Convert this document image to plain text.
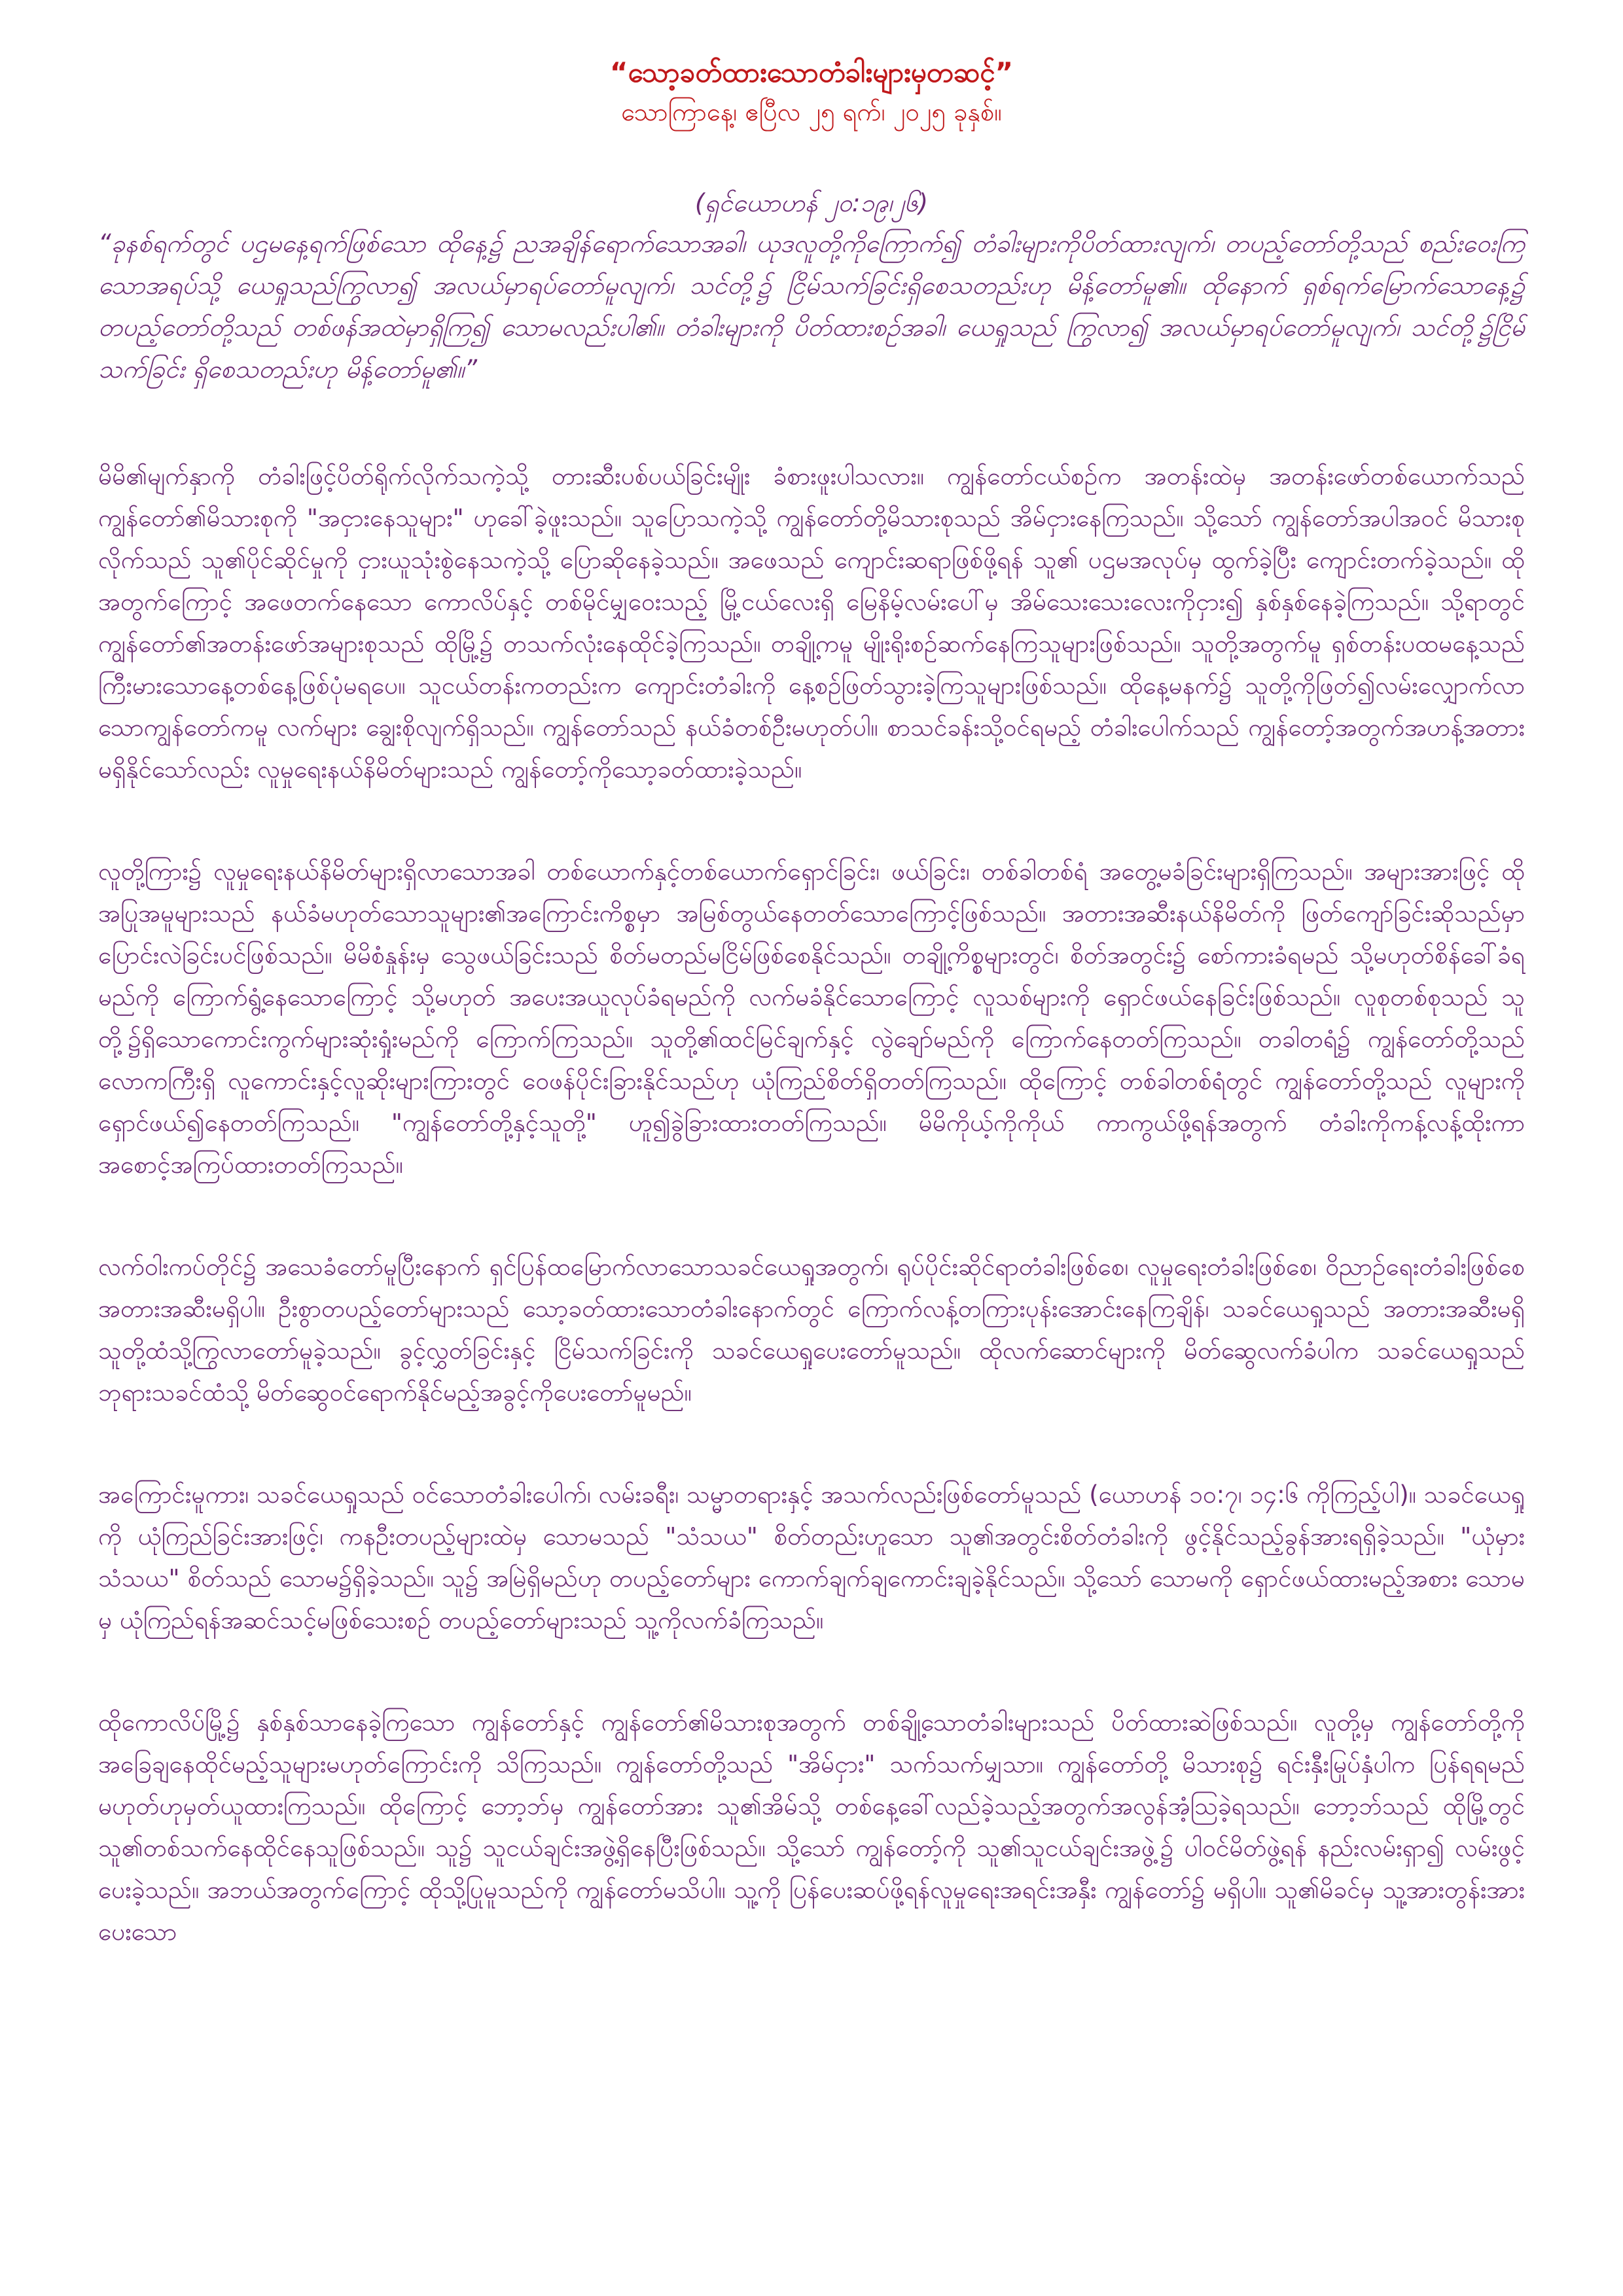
“သော့ခတ်ထားသောတံခါးများမှတဆင့်”

သောကြာနေ့၊ ဧပြီလ ၂၅ ရက်၊ ၂၀၂၅ ခုနှစ်။

(ရှင်ယောဟန် ၂၀:၁၉၊၂၆)

“ခုနစ်ရက်တွင် ပဌမနေ့ရက်ဖြစ်သော ထိုနေ့၌ ညအချိန်ရောက်သောအခါ၊ ယုဒလူတို့ကိုကြောက်၍ တံခါးများကိုပိတ်ထားလျက်၊ တပည့်တော်တို့သည် စည်းဝေးကြသောအရပ်သို့ ယေရှုသည်ကြွလာ၍ အလယ်မှာရပ်တော်မူလျက်၊ သင်တို့၌ ငြိမ်သက်ခြင်းရှိစေသတည်းဟု မိန့်တော်မူ၏။ ထိုနောက် ရှစ်ရက်မြောက်သောနေ့၌ တပည့်တော်တို့သည် တစ်ဖန်အထဲမှာရှိကြ၍ သောမလည်းပါ၏။ တံခါးများကို ပိတ်ထားစဉ်အခါ၊ ယေရှုသည် ကြွလာ၍ အလယ်မှာရပ်တော်မူလျက်၊ သင်တို့၌ငြိမ်သက်ခြင်း ရှိစေသတည်းဟု မိန့်တော်မူ၏။”

မိမိ၏မျက်နှာကို တံခါးဖြင့်ပိတ်ရိုက်လိုက်သကဲ့သို့ တားဆီးပစ်ပယ်ခြင်းမျိုး ခံစားဖူးပါသလား။ ကျွန်တော်ငယ်စဉ်က အတန်းထဲမှ အတန်းဖော်တစ်ယောက်သည် ကျွန်တော်၏မိသားစုကို "အငှားနေသူများ" ဟုခေါ်ခဲ့ဖူးသည်။ သူပြောသကဲ့သို့ ကျွန်တော်တို့မိသားစုသည် အိမ်ငှားနေကြသည်။ သို့သော် ကျွန်တော်အပါအဝင် မိသားစုလိုက်သည် သူ၏ပိုင်ဆိုင်မှုကို ငှားယူသုံးစွဲနေသကဲ့သို့ ပြောဆိုနေခဲ့သည်။ အဖေသည် ကျောင်းဆရာဖြစ်ဖို့ရန် သူ၏ ပဌမအလုပ်မှ ထွက်ခဲ့ပြီး ကျောင်းတက်ခဲ့သည်။ ထိုအတွက်ကြောင့် အဖေတက်နေသော ကောလိပ်နှင့် တစ်မိုင်မျှဝေးသည့် မြို့ငယ်လေးရှိ မြေနိမ့်လမ်းပေါ်မှ အိမ်သေးသေးလေးကိုငှား၍ နှစ်နှစ်နေခဲ့ကြသည်။ သို့ရာတွင် ကျွန်တော်၏အတန်းဖော်အများစုသည် ထိုမြို့၌ တသက်လုံးနေထိုင်ခဲ့ကြသည်။ တချို့ကမူ မျိုးရိုးစဉ်ဆက်နေကြသူများဖြစ်သည်။ သူတို့အတွက်မူ ရှစ်တန်းပထမနေ့သည် ကြီးမားသောနေ့တစ်နေ့ဖြစ်ပုံမရပေ။ သူငယ်တန်းကတည်းက ကျောင်းတံခါးကို နေ့စဉ်ဖြတ်သွားခဲ့ကြသူများဖြစ်သည်။ ထိုနေ့မနက်၌ သူတို့ကိုဖြတ်၍လမ်းလျှောက်လာသောကျွန်တော်ကမူ လက်များ ချွေးစိုလျက်ရှိသည်။ ကျွန်တော်သည် နယ်ခံတစ်ဦးမဟုတ်ပါ။ စာသင်ခန်းသို့ဝင်ရမည့် တံခါးပေါက်သည် ကျွန်တော့်အတွက်အဟန့်အတားမရှိနိုင်သော်လည်း လူမှုရေးနယ်နိမိတ်များသည် ကျွန်တော့်ကိုသော့ခတ်ထားခဲ့သည်။

လူတို့ကြား၌ လူမှုရေးနယ်နိမိတ်များရှိလာသောအခါ တစ်ယောက်နှင့်တစ်ယောက်ရှောင်ခြင်း၊ ဖယ်ခြင်း၊ တစ်ခါတစ်ရံ အတွေ့မခံခြင်းများရှိကြသည်။ အများအားဖြင့် ထိုအပြုအမူများသည် နယ်ခံမဟုတ်သောသူများ၏အကြောင်းကိစ္စမှာ အမြစ်တွယ်နေတတ်သောကြောင့်ဖြစ်သည်။ အတားအဆီးနယ်နိမိတ်ကို ဖြတ်ကျော်ခြင်းဆိုသည်မှာ ပြောင်းလဲခြင်းပင်ဖြစ်သည်။ မိမိစံနှုန်းမှ သွေဖယ်ခြင်းသည် စိတ်မတည်မငြိမ်ဖြစ်စေနိုင်သည်။ တချို့ကိစ္စများတွင်၊ စိတ်အတွင်း၌ စော်ကားခံရမည် သို့မဟုတ်စိန်ခေါ်ခံရမည်ကို ကြောက်ရွံ့နေသောကြောင့် သို့မဟုတ် အပေးအယူလုပ်ခံရမည်ကို လက်မခံနိုင်သောကြောင့် လူသစ်များကို ရှောင်ဖယ်နေခြင်းဖြစ်သည်။ လူစုတစ်စုသည် သူတို့၌ရှိသောကောင်းကွက်များဆုံးရှုံးမည်ကို ကြောက်ကြသည်။ သူတို့၏ထင်မြင်ချက်နှင့် လွဲချော်မည်ကို ကြောက်နေတတ်ကြသည်။ တခါတရံ၌ ကျွန်တော်တို့သည် လောကကြီးရှိ လူကောင်းနှင့်လူဆိုးများကြားတွင် ဝေဖန်ပိုင်းခြားနိုင်သည်ဟု ယုံကြည်စိတ်ရှိတတ်ကြသည်။ ထိုကြောင့် တစ်ခါတစ်ရံတွင် ကျွန်တော်တို့သည် လူများကို ရှောင်ဖယ်၍နေတတ်ကြသည်။ "ကျွန်တော်တို့နှင့်သူတို့" ဟူ၍ခွဲခြားထားတတ်ကြသည်။ မိမိကိုယ့်ကိုကိုယ် ကာကွယ်ဖို့ရန်အတွက် တံခါးကိုကန့်လန့်ထိုးကာ အစောင့်အကြပ်ထားတတ်ကြသည်။

လက်ဝါးကပ်တိုင်၌ အသေခံတော်မူပြီးနောက် ရှင်ပြန်ထမြောက်လာသောသခင်ယေရှုအတွက်၊ ရုပ်ပိုင်းဆိုင်ရာတံခါးဖြစ်စေ၊ လူမှုရေးတံခါးဖြစ်စေ၊ ဝိညာဉ်ရေးတံခါးဖြစ်စေ အတားအဆီးမရှိပါ။ ဦးစွာတပည့်တော်များသည် သော့ခတ်ထားသောတံခါးနောက်တွင် ကြောက်လန့်တကြားပုန်းအောင်းနေကြချိန်၊ သခင်ယေရှုသည် အတားအဆီးမရှိ သူတို့ထံသို့ကြွလာတော်မူခဲ့သည်။ ခွင့်လွှတ်ခြင်းနှင့် ငြိမ်သက်ခြင်းကို သခင်ယေရှုပေးတော်မူသည်။ ထိုလက်ဆောင်များကို မိတ်ဆွေလက်ခံပါက သခင်ယေရှုသည် ဘုရားသခင်ထံသို့ မိတ်ဆွေဝင်ရောက်နိုင်မည့်အခွင့်ကိုပေးတော်မူမည်။

အကြောင်းမူကား၊ သခင်ယေရှုသည် ဝင်သောတံခါးပေါက်၊ လမ်းခရီး၊ သမ္မာတရားနှင့် အသက်လည်းဖြစ်တော်မူသည် (ယောဟန် ၁၀:၇၊ ၁၄:၆ ကိုကြည့်ပါ)။ သခင်ယေရှုကို ယုံကြည်ခြင်းအားဖြင့်၊ ကနဦးတပည့်များထဲမှ သောမသည် "သံသယ" စိတ်တည်းဟူသော သူ၏အတွင်းစိတ်တံခါးကို ဖွင့်နိုင်သည့်ခွန်အားရရှိခဲ့သည်။ "ယုံမှားသံသယ" စိတ်သည် သောမ၌ရှိခဲ့သည်။ သူ၌ အမြဲရှိမည်ဟု တပည့်တော်များ ကောက်ချက်ချကောင်းချခဲ့နိုင်သည်။ သို့သော် သောမကို ရှောင်ဖယ်ထားမည့်အစား သောမမှ ယုံကြည်ရန်အဆင်သင့်မဖြစ်သေးစဉ် တပည့်တော်များသည် သူ့ကိုလက်ခံကြသည်။

ထိုကောလိပ်မြို့၌ နှစ်နှစ်သာနေခဲ့ကြသော ကျွန်တော်နှင့် ကျွန်တော်၏မိသားစုအတွက် တစ်ချို့သောတံခါးများသည် ပိတ်ထားဆဲဖြစ်သည်။ လူတို့မှ ကျွန်တော်တို့ကို အခြေချနေထိုင်မည့်သူများမဟုတ်ကြောင်းကို သိကြသည်။ ကျွန်တော်တို့သည် "အိမ်ငှား" သက်သက်မျှသာ။ ကျွန်တော်တို့ မိသားစု၌ ရင်းနှီးမြုပ်နှံပါက ပြန်ရရမည်မဟုတ်ဟုမှတ်ယူထားကြသည်။ ထိုကြောင့် ဘော့ဘ်မှ ကျွန်တော်အား သူ၏အိမ်သို့ တစ်နေ့ခေါ်လည်ခဲ့သည့်အတွက်အလွန်အံ့သြခဲ့ရသည်။ ဘော့ဘ်သည် ထိုမြို့တွင် သူ၏တစ်သက်နေထိုင်နေသူဖြစ်သည်။ သူ၌ သူငယ်ချင်းအဖွဲ့ရှိနေပြီးဖြစ်သည်။ သို့သော် ကျွန်တော့်ကို သူ၏သူငယ်ချင်းအဖွဲ့၌ ပါဝင်မိတ်ဖွဲ့ရန် နည်းလမ်းရှာ၍ လမ်းဖွင့်ပေးခဲ့သည်။ အဘယ်အတွက်ကြောင့် ထိုသို့ပြုမူသည်ကို ကျွန်တော်မသိပါ။ သူ့ကို ပြန်ပေးဆပ်ဖို့ရန်လူမှုရေးအရင်းအနှီး ကျွန်တော်၌ မရှိပါ။ သူ၏မိခင်မှ သူ့အားတွန်းအားပေးသော
